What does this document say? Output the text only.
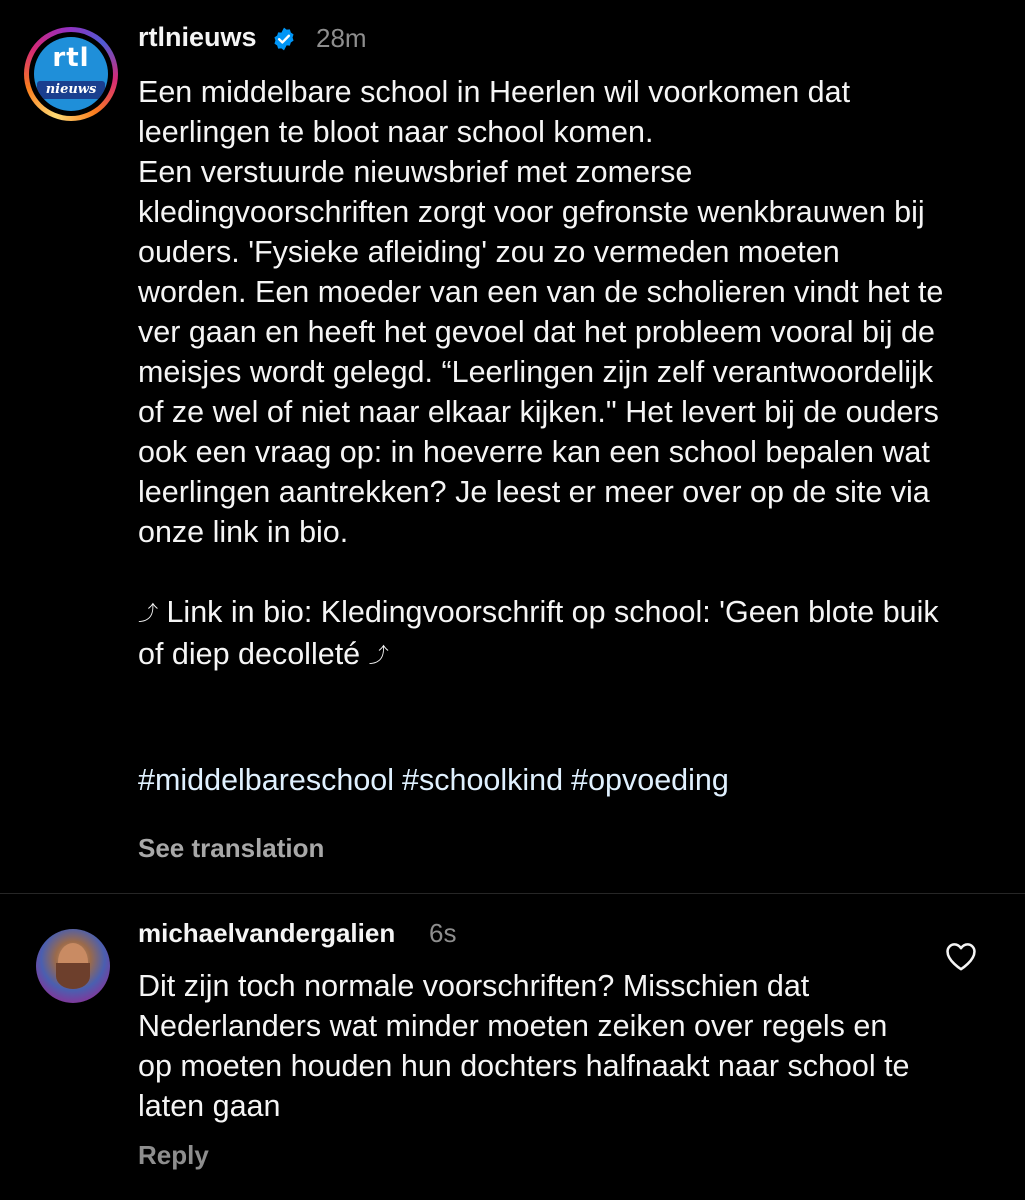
rtl
nieuws
rtlnieuws 28m

Een middelbare school in Heerlen wil voorkomen dat leerlingen te bloot naar school komen.
Een verstuurde nieuwsbrief met zomerse kledingvoorschriften zorgt voor gefronste wenkbrauwen bij ouders. 'Fysieke afleiding' zou zo vermeden moeten worden. Een moeder van een van de scholieren vindt het te ver gaan en heeft het gevoel dat het probleem vooral bij de meisjes wordt gelegd. “Leerlingen zijn zelf verantwoordelijk of ze wel of niet naar elkaar kijken." Het levert bij de ouders ook een vraag op: in hoeverre kan een school bepalen wat leerlingen aantrekken? Je leest er meer over op de site via onze link in bio.

⤴ Link in bio: Kledingvoorschrift op school: 'Geen blote buik of diep decolleté ⤴

#middelbareschool #schoolkind #opvoeding
See translation
michaelvandergalien 6s
Dit zijn toch normale voorschriften? Misschien dat Nederlanders wat minder moeten zeiken over regels en op moeten houden hun dochters halfnaakt naar school te laten gaan
Reply
